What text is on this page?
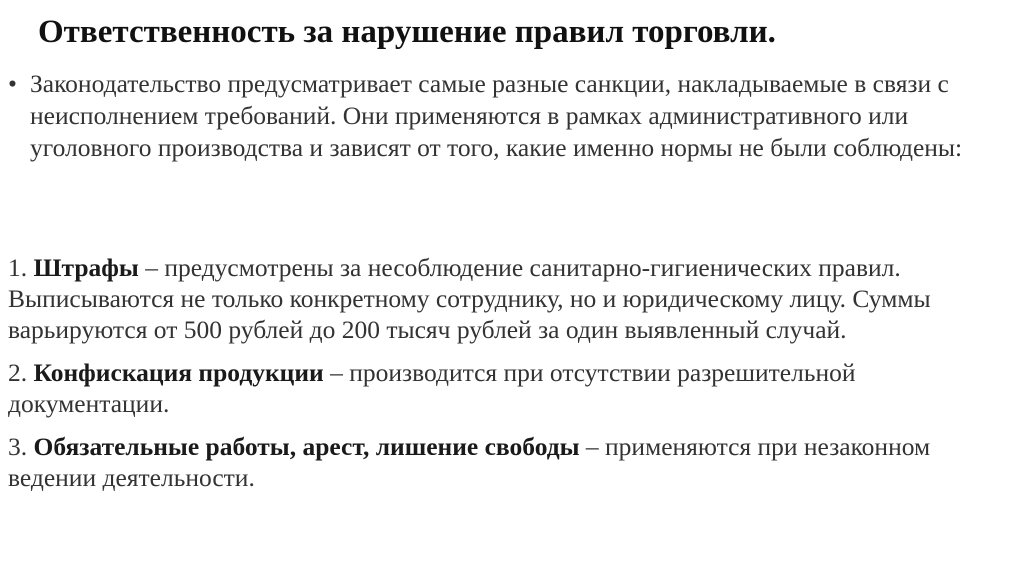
Ответственность за нарушение правил торговли.
• Законодательство предусматривает самые разные санкции, накладываемые в связи с неисполнением требований. Они применяются в рамках административного или уголовного производства и зависят от того, какие именно нормы не были соблюдены:
1. Штрафы – предусмотрены за несоблюдение санитарно-гигиенических правил. Выписываются не только конкретному сотруднику, но и юридическому лицу. Суммы варьируются от 500 рублей до 200 тысяч рублей за один выявленный случай.
2. Конфискация продукции – производится при отсутствии разрешительной документации.
3. Обязательные работы, арест, лишение свободы – применяются при незаконном ведении деятельности.
